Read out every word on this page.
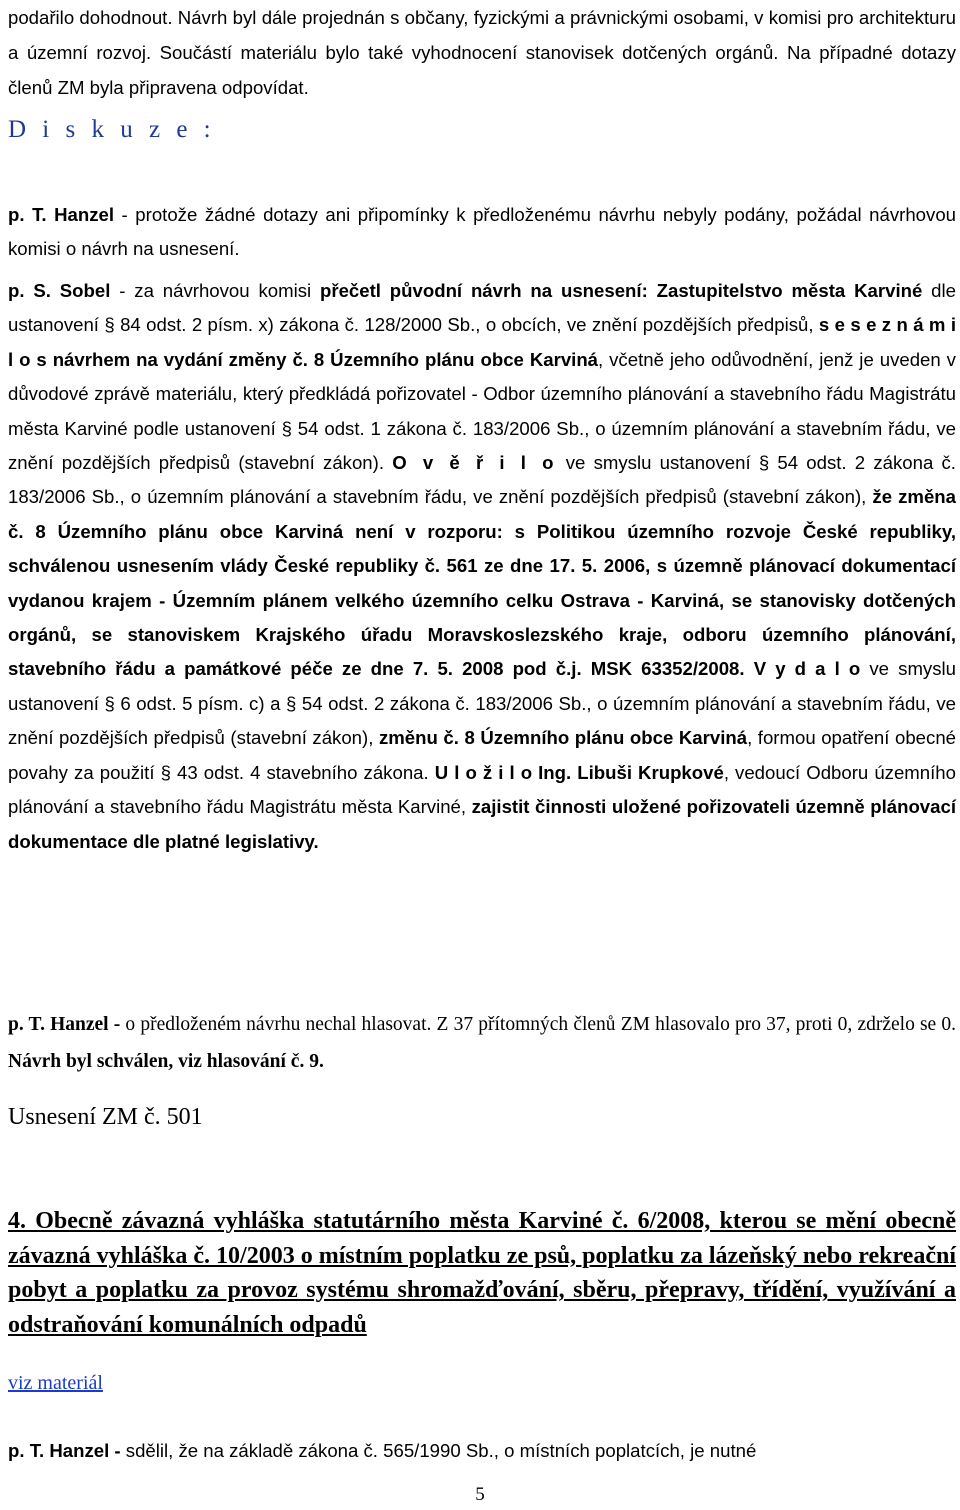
podařilo dohodnout. Návrh byl dále projednán s občany, fyzickými a právnickými osobami, v komisi pro architekturu a územní rozvoj. Součástí materiálu bylo také vyhodnocení stanovisek dotčených orgánů. Na případné dotazy členů ZM byla připravena odpovídat.

D i s k u z e :

p. T. Hanzel - protože žádné dotazy ani připomínky k předloženému návrhu nebyly podány, požádal návrhovou komisi o návrh na usnesení.

p. S. Sobel - za návrhovou komisi přečetl původní návrh na usnesení: Zastupitelstvo města Karviné dle ustanovení § 84 odst. 2 písm. x) zákona č. 128/2000 Sb., o obcích, ve znění pozdějších předpisů, s e s e z n á m i l o s návrhem na vydání změny č. 8 Územního plánu obce Karviná, včetně jeho odůvodnění, jenž je uveden v důvodové zprávě materiálu, který předkládá pořizovatel - Odbor územního plánování a stavebního řádu Magistrátu města Karviné podle ustanovení § 54 odst. 1 zákona č. 183/2006 Sb., o územním plánování a stavebním řádu, ve znění pozdějších předpisů (stavební zákon). O v ě ř i l o ve smyslu ustanovení § 54 odst. 2 zákona č. 183/2006 Sb., o územním plánování a stavebním řádu, ve znění pozdějších předpisů (stavební zákon), že změna č. 8 Územního plánu obce Karviná není v rozporu: s Politikou územního rozvoje České republiky, schválenou usnesením vlády České republiky č. 561 ze dne 17. 5. 2006, s územně plánovací dokumentací vydanou krajem - Územním plánem velkého územního celku Ostrava - Karviná, se stanovisky dotčených orgánů, se stanoviskem Krajského úřadu Moravskoslezského kraje, odboru územního plánování, stavebního řádu a památkové péče ze dne 7. 5. 2008 pod č.j. MSK 63352/2008. V y d a l o ve smyslu ustanovení § 6 odst. 5 písm. c) a § 54 odst. 2 zákona č. 183/2006 Sb., o územním plánování a stavebním řádu, ve znění pozdějších předpisů (stavební zákon), změnu č. 8 Územního plánu obce Karviná, formou opatření obecné povahy za použití § 43 odst. 4 stavebního zákona. U l o ž i l o Ing. Libuši Krupkové, vedoucí Odboru územního plánování a stavebního řádu Magistrátu města Karviné, zajistit činnosti uložené pořizovateli územně plánovací dokumentace dle platné legislativy.

p. T. Hanzel - o předloženém návrhu nechal hlasovat. Z 37 přítomných členů ZM hlasovalo pro 37, proti 0, zdrželo se 0. Návrh byl schválen, viz hlasování č. 9.

Usnesení ZM č. 501
4. Obecně závazná vyhláška statutárního města Karviné č. 6/2008, kterou se mění obecně závazná vyhláška č. 10/2003 o místním poplatku ze psů, poplatku za lázeňský nebo rekreační pobyt a poplatku za provoz systému shromažďování, sběru, přepravy, třídění, využívání a odstraňování komunálních odpadů
viz materiál

p. T. Hanzel - sdělil, že na základě zákona č. 565/1990 Sb., o místních poplatcích, je nutné

5
